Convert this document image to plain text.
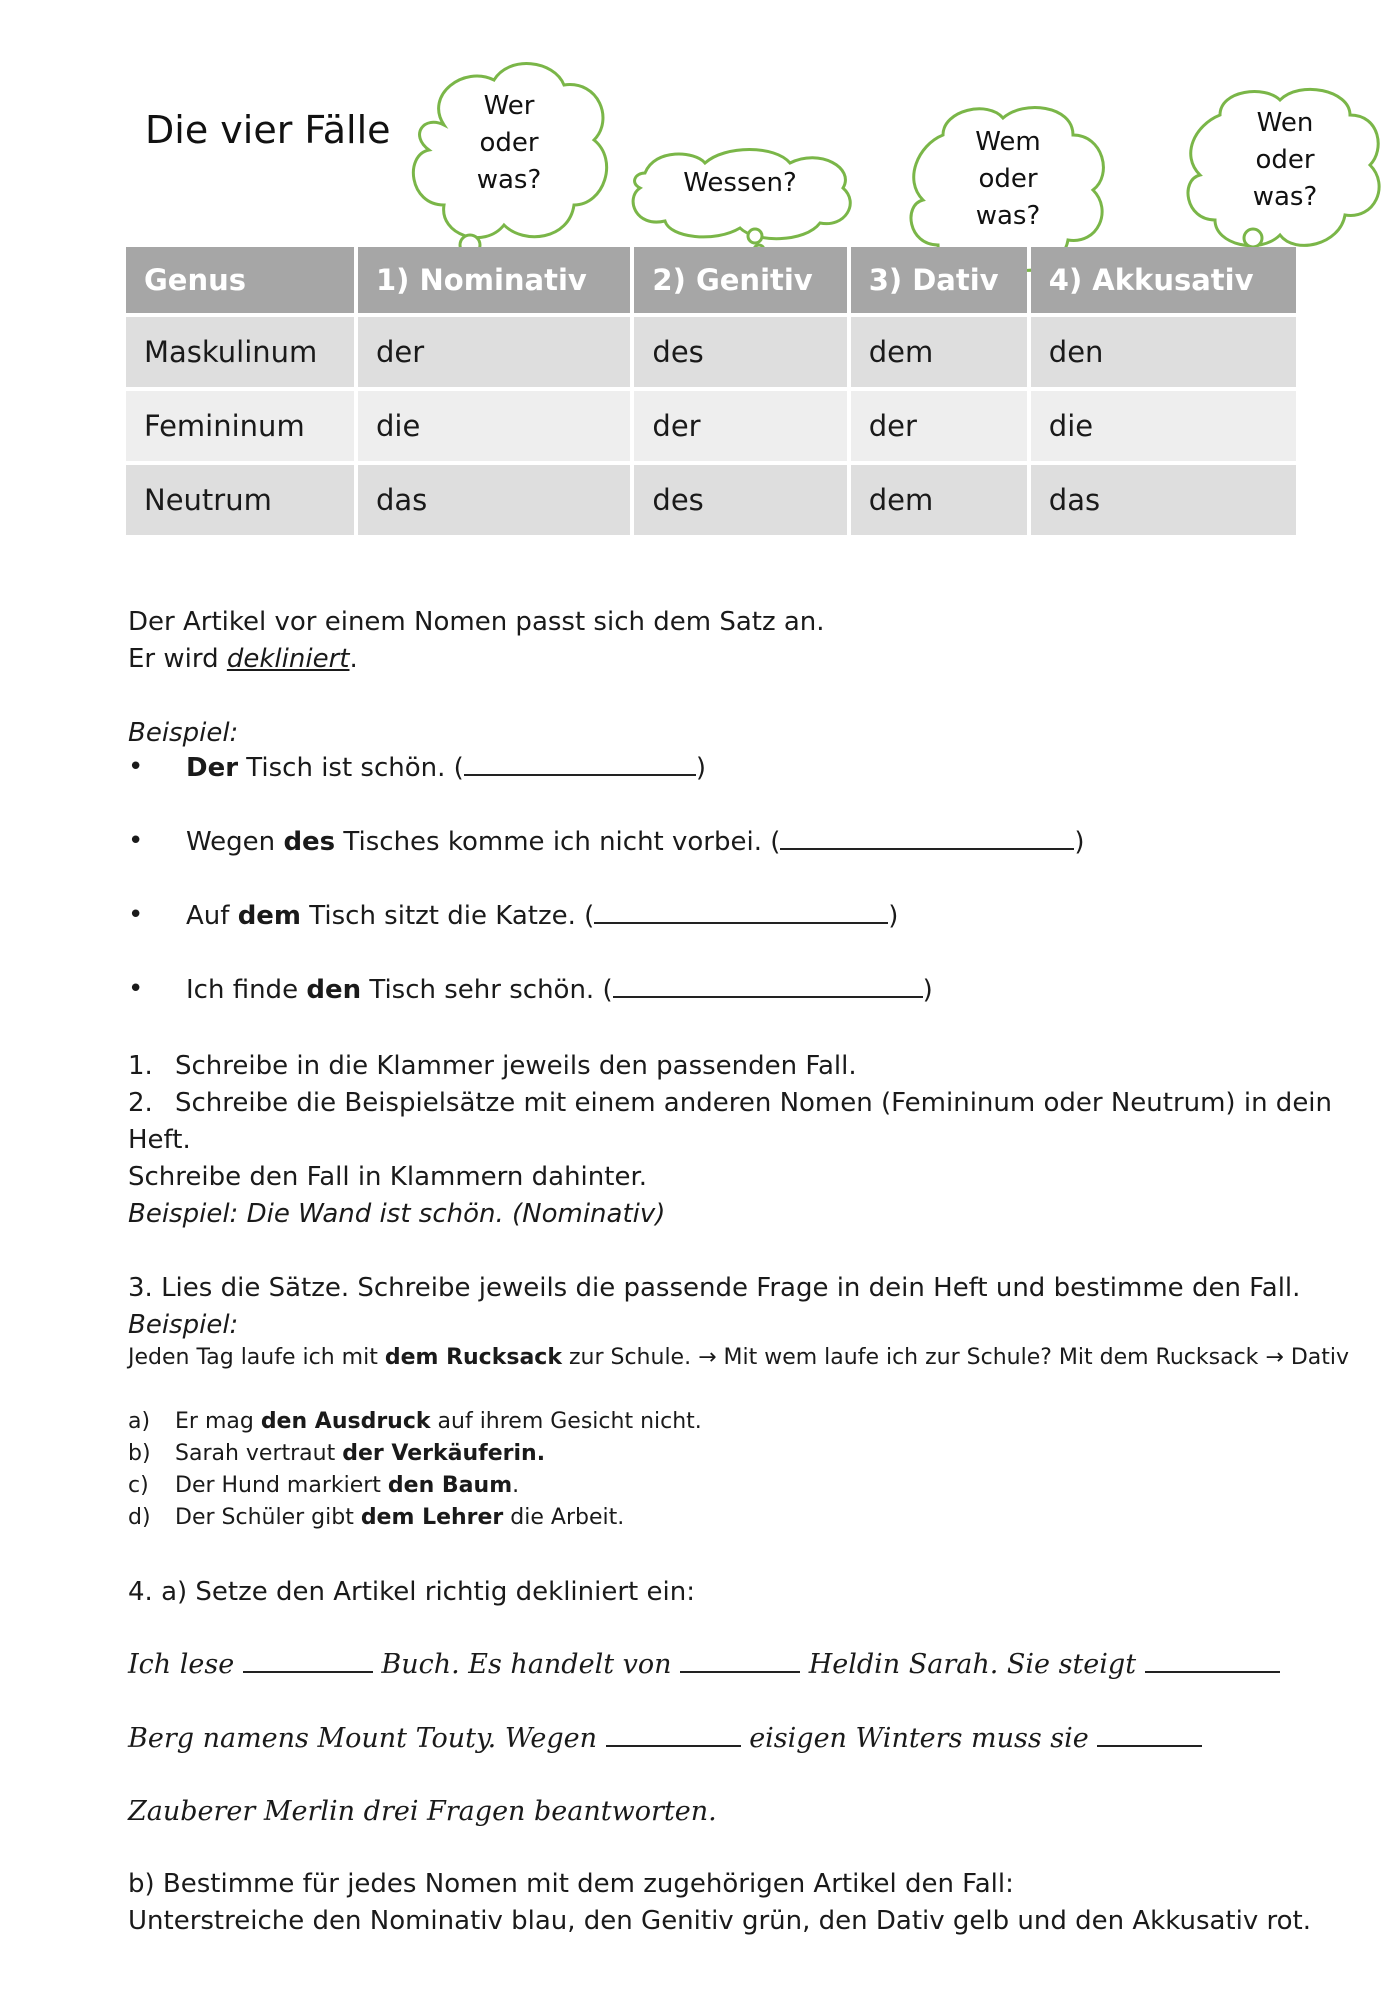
Die vier Fälle
Wer
oder
was?	Wessen?
Wem
oder
was?
Wen
oder
was?
Genus	1) Nominativ	2) Genitiv	3) Dativ	4) Akkusativ
Maskulinum	der	des	dem	den
Femininum	die	der	der	die
Neutrum	das	des	dem	das
Der Artikel vor einem Nomen passt sich dem Satz an.
Er wird dekliniert.
Beispiel:
• Der Tisch ist schön. (	)
• Wegen des Tisches komme ich nicht vorbei. (	)
• Auf dem Tisch sitzt die Katze. (	)
• Ich finde den Tisch sehr schön. (	)
1. Schreibe in die Klammer jeweils den passenden Fall.
2. Schreibe die Beispielsätze mit einem anderen Nomen (Femininum oder Neutrum) in dein Heft.
Schreibe den Fall in Klammern dahinter.
Beispiel: Die Wand ist schön. (Nominativ)
3. Lies die Sätze. Schreibe jeweils die passende Frage in dein Heft und bestimme den Fall.
Beispiel:
Jeden Tag laufe ich mit dem Rucksack zur Schule. → Mit wem laufe ich zur Schule? Mit dem Rucksack → Dativ
a) Er mag den Ausdruck auf ihrem Gesicht nicht.
b) Sarah vertraut der Verkäuferin.
c) Der Hund markiert den Baum.
d) Der Schüler gibt dem Lehrer die Arbeit.
4. a) Setze den Artikel richtig dekliniert ein:
Ich lese	Buch. Es handelt von	Heldin Sarah. Sie steigt
Berg namens Mount Touty. Wegen	eisigen Winters muss sie
Zauberer Merlin drei Fragen beantworten.
b) Bestimme für jedes Nomen mit dem zugehörigen Artikel den Fall:
Unterstreiche den Nominativ blau, den Genitiv grün, den Dativ gelb und den Akkusativ rot.
